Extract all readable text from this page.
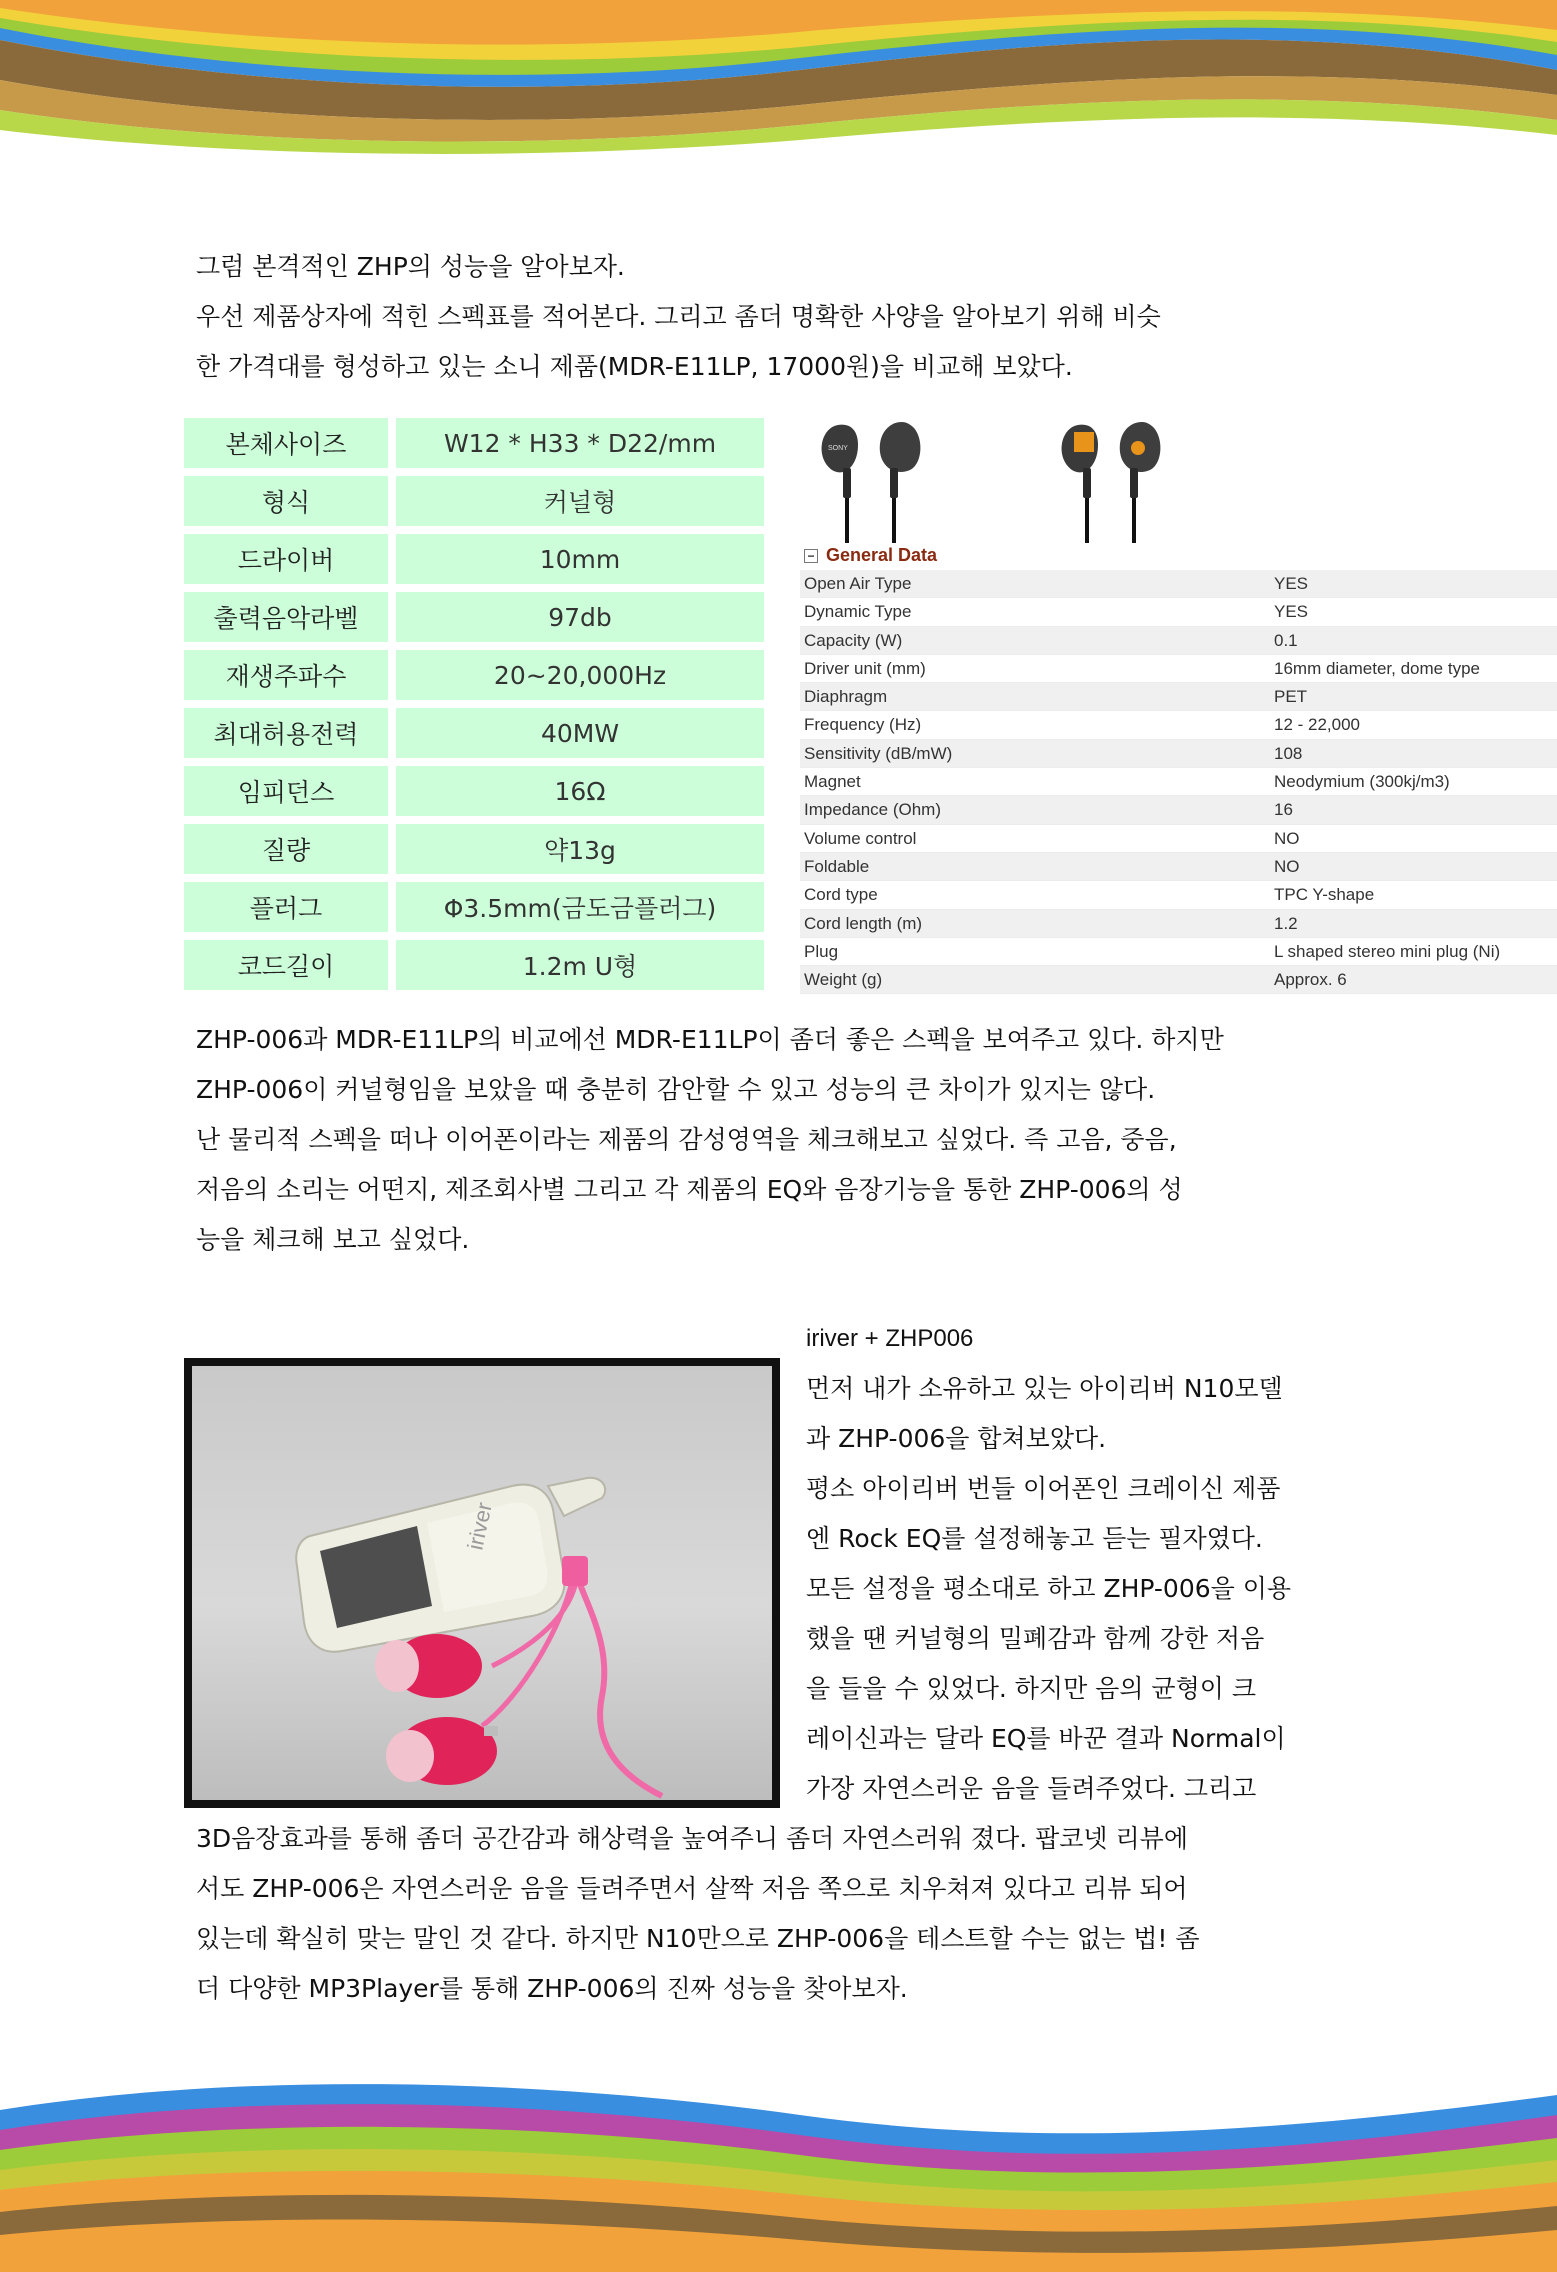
그럼 본격적인 ZHP의 성능을 알아보자.

우선 제품상자에 적힌 스펙표를 적어본다. 그리고 좀더 명확한 사양을 알아보기 위해 비슷

한 가격대를 형성하고 있는 소니 제품(MDR-E11LP, 17000원)을 비교해 보았다.

본체사이즈	W12 * H33 * D22/mm
형식	커널형
드라이버	10mm
출력음악라벨	97db
재생주파수	20~20,000Hz
최대허용전력	40MW
임피던스	16Ω
질량	약13g
플러그	Φ3.5mm(금도금플러그)
코드길이	1.2m U형
SONY
− General Data
Open Air Type	YES
Dynamic Type	YES
Capacity (W)	0.1
Driver unit (mm)	16mm diameter, dome type
Diaphragm	PET
Frequency (Hz)	12 - 22,000
Sensitivity (dB/mW)	108
Magnet	Neodymium (300kj/m3)
Impedance (Ohm)	16
Volume control	NO
Foldable	NO
Cord type	TPC Y-shape
Cord length (m)	1.2
Plug	L shaped stereo mini plug (Ni)
Weight (g)	Approx. 6

ZHP-006과 MDR-E11LP의 비교에선 MDR-E11LP이 좀더 좋은 스펙을 보여주고 있다. 하지만

ZHP-006이 커널형임을 보았을 때 충분히 감안할 수 있고 성능의 큰 차이가 있지는 않다.

난 물리적 스펙을 떠나 이어폰이라는 제품의 감성영역을 체크해보고 싶었다. 즉 고음, 중음,

저음의 소리는 어떤지, 제조회사별 그리고 각 제품의 EQ와 음장기능을 통한 ZHP-006의 성

능을 체크해 보고 싶었다.

iriver

iriver + ZHP006

먼저 내가 소유하고 있는 아이리버 N10모델

과 ZHP-006을 합쳐보았다.

평소 아이리버 번들 이어폰인 크레이신 제품

엔 Rock EQ를 설정해놓고 듣는 필자였다.

모든 설정을 평소대로 하고 ZHP-006을 이용

했을 땐 커널형의 밀폐감과 함께 강한 저음

을 들을 수 있었다. 하지만 음의 균형이 크

레이신과는 달라 EQ를 바꾼 결과 Normal이

가장 자연스러운 음을 들려주었다. 그리고

3D음장효과를 통해 좀더 공간감과 해상력을 높여주니 좀더 자연스러워 졌다. 팝코넷 리뷰에

서도 ZHP-006은 자연스러운 음을 들려주면서 살짝 저음 쪽으로 치우쳐져 있다고 리뷰 되어

있는데 확실히 맞는 말인 것 같다. 하지만 N10만으로 ZHP-006을 테스트할 수는 없는 법! 좀

더 다양한 MP3Player를 통해 ZHP-006의 진짜 성능을 찾아보자.
